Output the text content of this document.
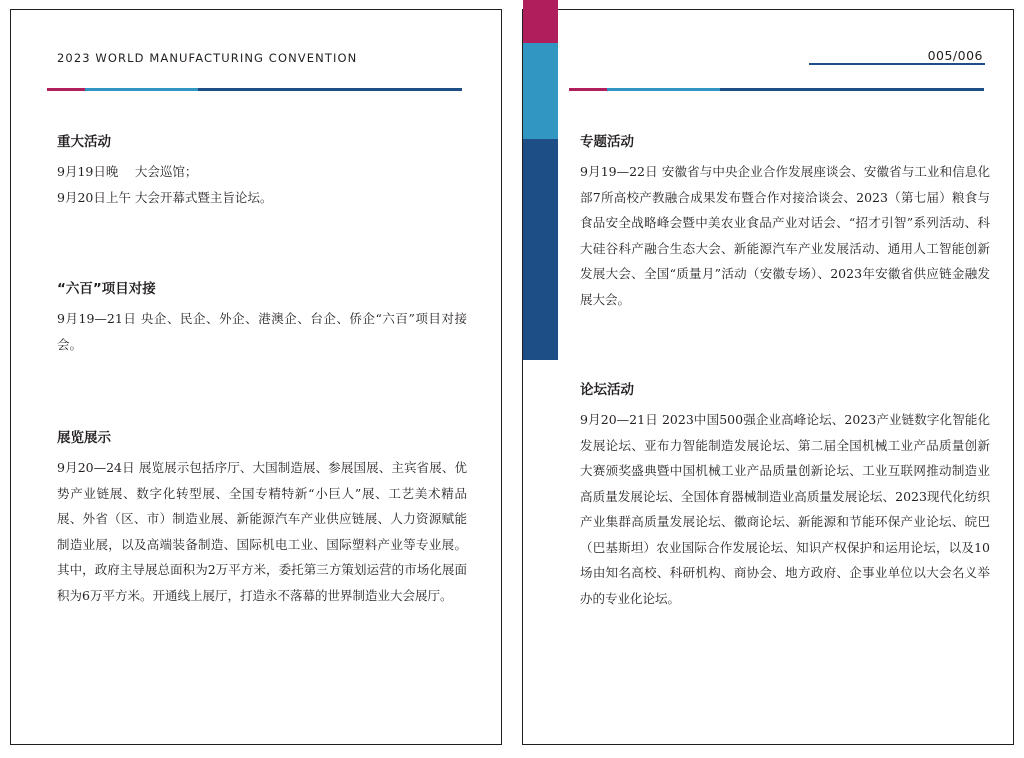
2023 WORLD MANUFACTURING CONVENTION
重大活动

9月19日晚　 大会巡馆；

9月20日上午 大会开幕式暨主旨论坛。

“六百”项目对接

9月19—21日 央企、民企、外企、港澳企、台企、侨企“六百”项目对接会。

展览展示

9月20—24日 展览展示包括序厅、大国制造展、参展国展、主宾省展、优势产业链展、数字化转型展、全国专精特新“小巨人”展、工艺美术精品展、外省（区、市）制造业展、新能源汽车产业供应链展、人力资源赋能制造业展，以及高端装备制造、国际机电工业、国际塑料产业等专业展。其中，政府主导展总面积为2万平方米，委托第三方策划运营的市场化展面积为6万平方米。开通线上展厅，打造永不落幕的世界制造业大会展厅。

005/006
专题活动

9月19—22日 安徽省与中央企业合作发展座谈会、安徽省与工业和信息化部7所高校产教融合成果发布暨合作对接洽谈会、2023（第七届）粮食与食品安全战略峰会暨中美农业食品产业对话会、“招才引智”系列活动、科大硅谷科产融合生态大会、新能源汽车产业发展活动、通用人工智能创新发展大会、全国“质量月”活动（安徽专场）、2023年安徽省供应链金融发展大会。

论坛活动

9月20—21日 2023中国500强企业高峰论坛、2023产业链数字化智能化发展论坛、亚布力智能制造发展论坛、第二届全国机械工业产品质量创新大赛颁奖盛典暨中国机械工业产品质量创新论坛、工业互联网推动制造业高质量发展论坛、全国体育器械制造业高质量发展论坛、2023现代化纺织产业集群高质量发展论坛、徽商论坛、新能源和节能环保产业论坛、皖巴（巴基斯坦）农业国际合作发展论坛、知识产权保护和运用论坛，以及10场由知名高校、科研机构、商协会、地方政府、企事业单位以大会名义举办的专业化论坛。
